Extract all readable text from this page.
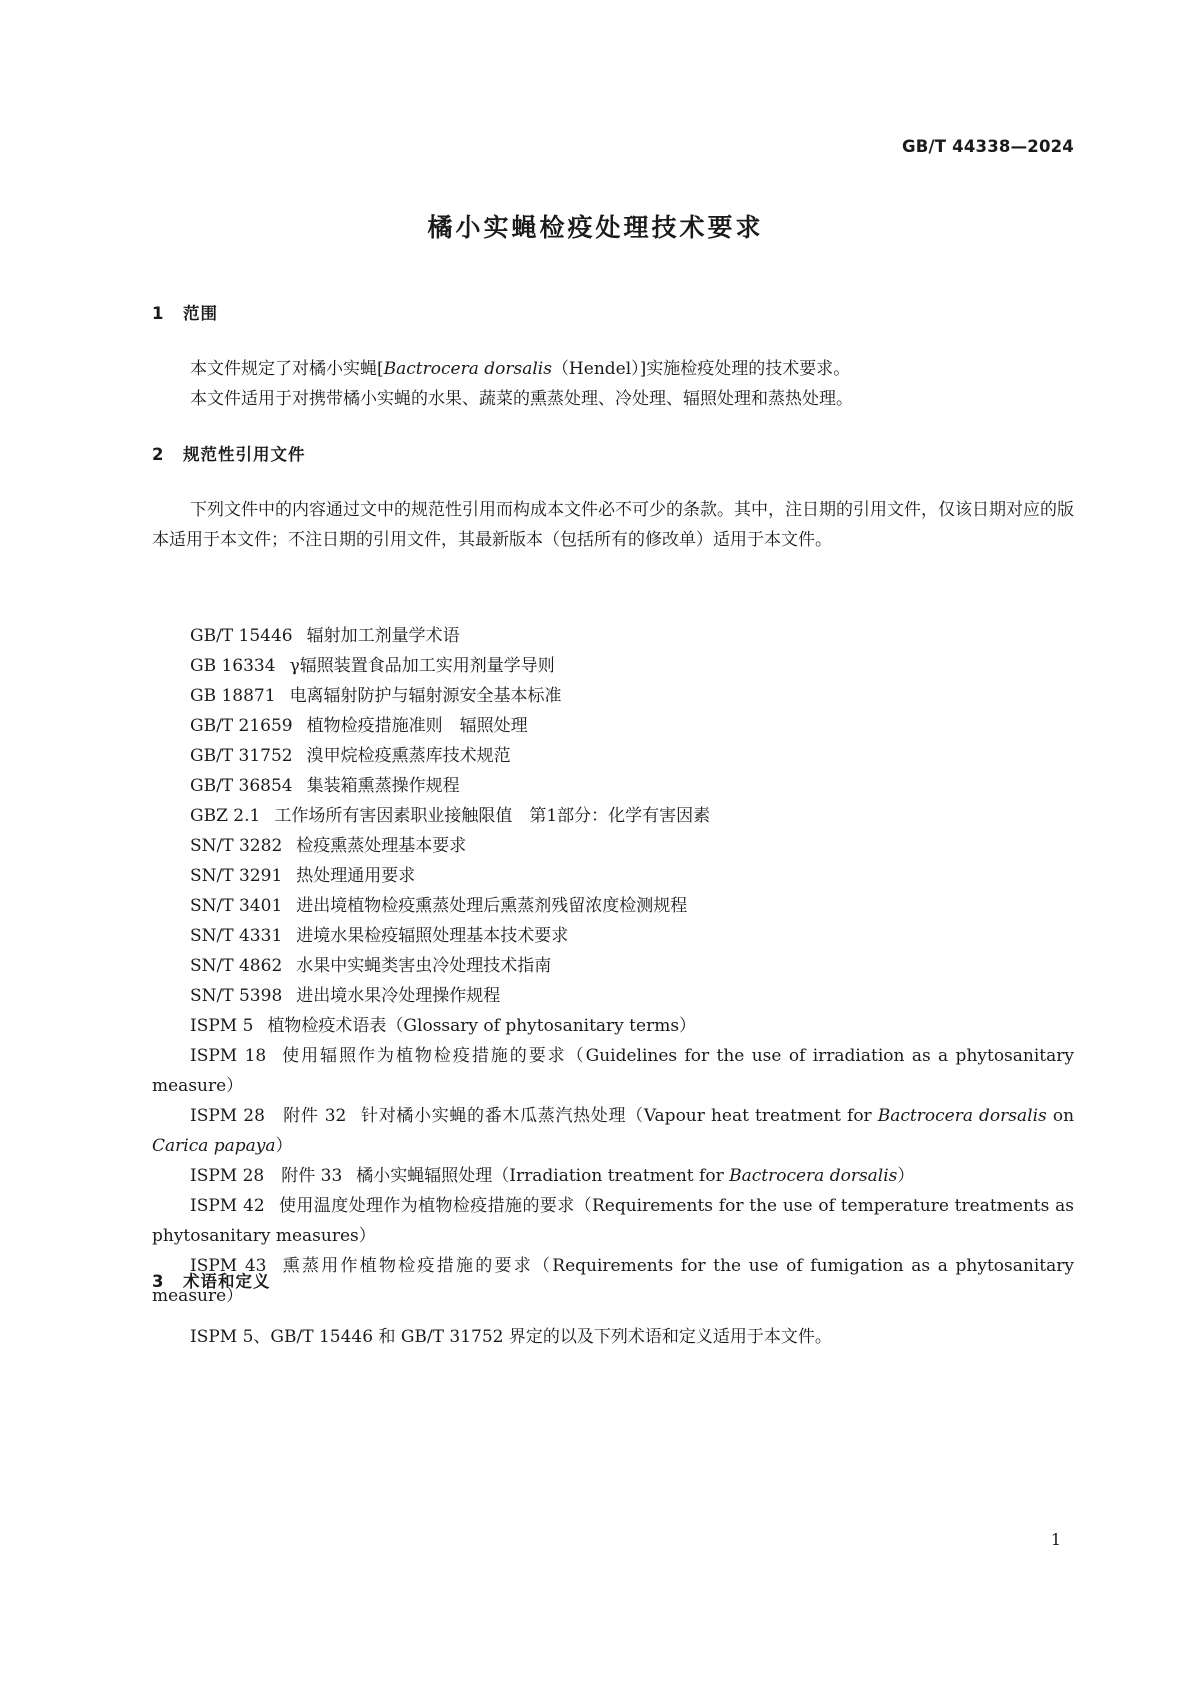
GB/T 44338—2024
橘小实蝇检疫处理技术要求
1 范围
本文件规定了对橘小实蝇[Bactrocera dorsalis（Hendel）]实施检疫处理的技术要求。
本文件适用于对携带橘小实蝇的水果、蔬菜的熏蒸处理、冷处理、辐照处理和蒸热处理。
2 规范性引用文件
下列文件中的内容通过文中的规范性引用而构成本文件必不可少的条款。其中，注日期的引用文件，仅该日期对应的版本适用于本文件；不注日期的引用文件，其最新版本（包括所有的修改单）适用于本文件。
GB/T 15446 辐射加工剂量学术语
GB 16334 γ辐照装置食品加工实用剂量学导则
GB 18871 电离辐射防护与辐射源安全基本标准
GB/T 21659 植物检疫措施准则　辐照处理
GB/T 31752 溴甲烷检疫熏蒸库技术规范
GB/T 36854 集装箱熏蒸操作规程
GBZ 2.1 工作场所有害因素职业接触限值　第1部分：化学有害因素
SN/T 3282 检疫熏蒸处理基本要求
SN/T 3291 热处理通用要求
SN/T 3401 进出境植物检疫熏蒸处理后熏蒸剂残留浓度检测规程
SN/T 4331 进境水果检疫辐照处理基本技术要求
SN/T 4862 水果中实蝇类害虫冷处理技术指南
SN/T 5398 进出境水果冷处理操作规程
ISPM 5 植物检疫术语表（Glossary of phytosanitary terms）
ISPM 18 使用辐照作为植物检疫措施的要求（Guidelines for the use of irradiation as a phytosanitary measure）
ISPM 28　附件 32 针对橘小实蝇的番木瓜蒸汽热处理（Vapour heat treatment for Bactrocera dorsalis on Carica papaya）
ISPM 28　附件 33 橘小实蝇辐照处理（Irradiation treatment for Bactrocera dorsalis）
ISPM 42 使用温度处理作为植物检疫措施的要求（Requirements for the use of temperature treatments as phytosanitary measures）
ISPM 43 熏蒸用作植物检疫措施的要求（Requirements for the use of fumigation as a phytosanitary measure）
3 术语和定义
ISPM 5、GB/T 15446 和 GB/T 31752 界定的以及下列术语和定义适用于本文件。
1
